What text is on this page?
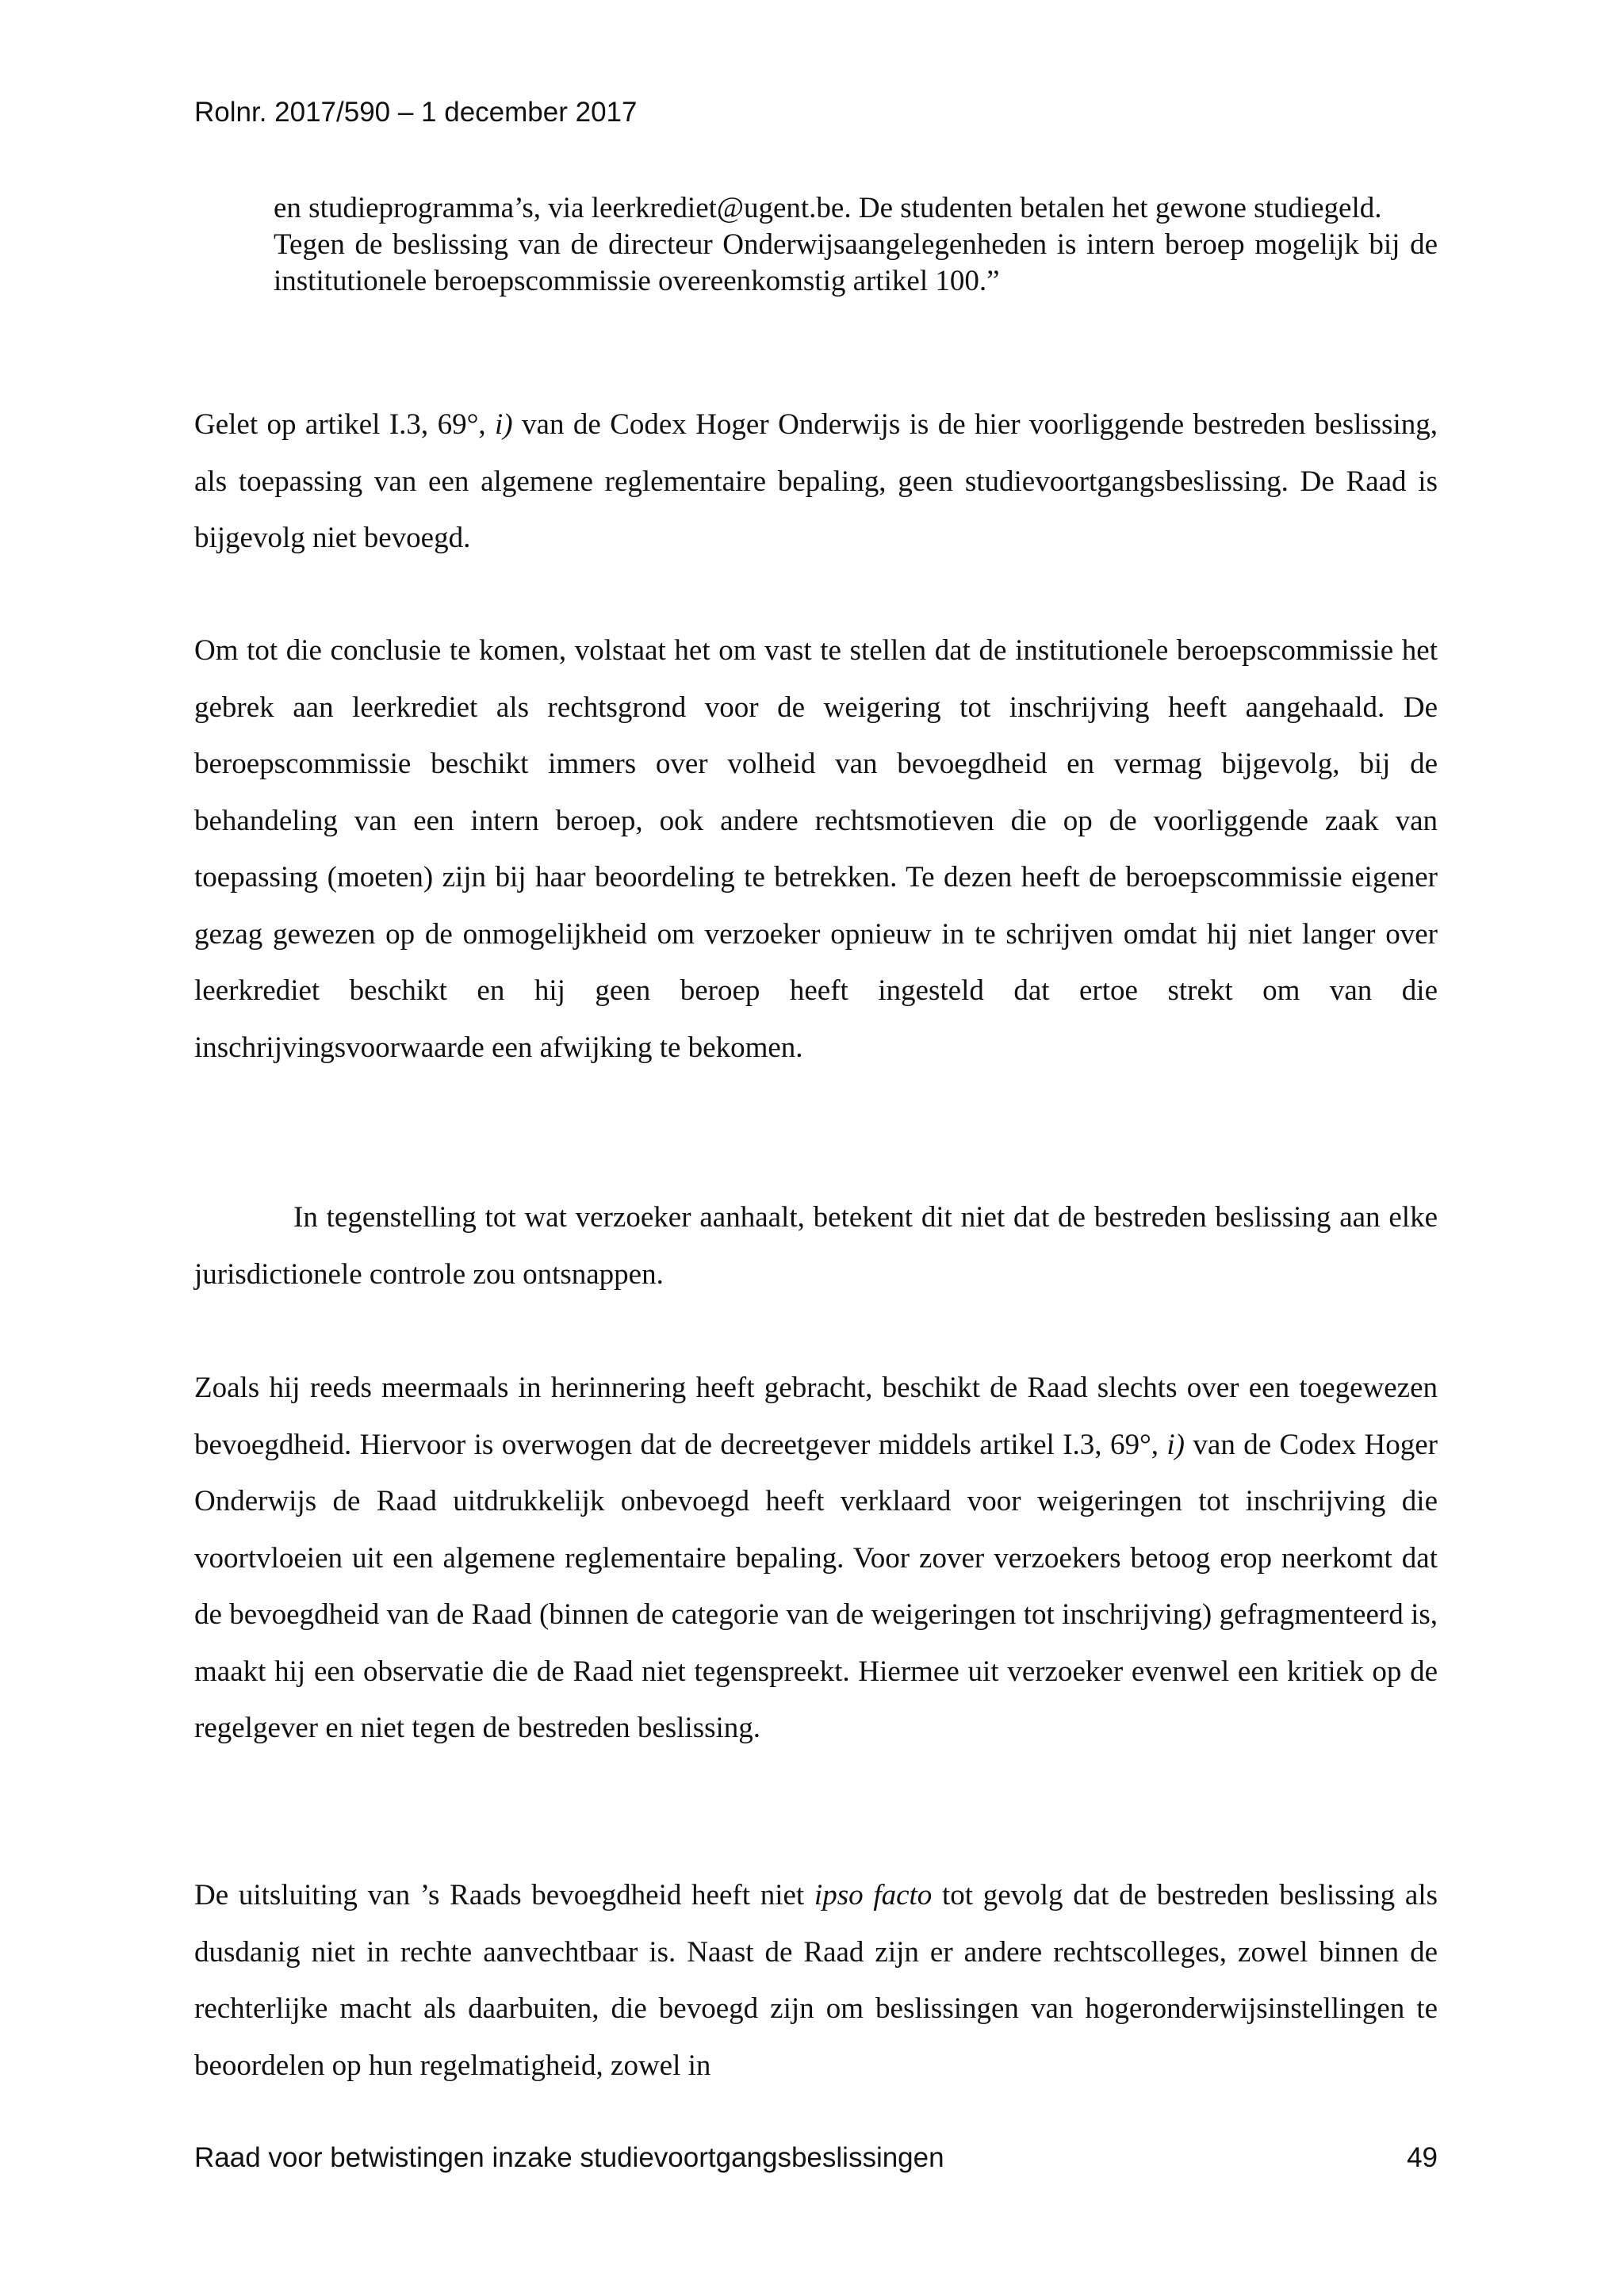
Rolnr. 2017/590 – 1 december 2017

en studieprogramma’s, via leerkrediet@ugent.be. De studenten betalen het gewone studiegeld.

Tegen de beslissing van de directeur Onderwijsaangelegenheden is intern beroep mogelijk bij de institutionele beroepscommissie overeenkomstig artikel 100.”

Gelet op artikel I.3, 69°, i) van de Codex Hoger Onderwijs is de hier voorliggende bestreden beslissing, als toepassing van een algemene reglementaire bepaling, geen studievoortgangsbeslissing. De Raad is bijgevolg niet bevoegd.

Om tot die conclusie te komen, volstaat het om vast te stellen dat de institutionele beroepscommissie het gebrek aan leerkrediet als rechtsgrond voor de weigering tot inschrijving heeft aangehaald. De beroepscommissie beschikt immers over volheid van bevoegdheid en vermag bijgevolg, bij de behandeling van een intern beroep, ook andere rechtsmotieven die op de voorliggende zaak van toepassing (moeten) zijn bij haar beoordeling te betrekken. Te dezen heeft de beroepscommissie eigener gezag gewezen op de onmogelijkheid om verzoeker opnieuw in te schrijven omdat hij niet langer over leerkrediet beschikt en hij geen beroep heeft ingesteld dat ertoe strekt om van die inschrijvingsvoorwaarde een afwijking te bekomen.

In tegenstelling tot wat verzoeker aanhaalt, betekent dit niet dat de bestreden beslissing aan elke jurisdictionele controle zou ontsnappen.

Zoals hij reeds meermaals in herinnering heeft gebracht, beschikt de Raad slechts over een toegewezen bevoegdheid. Hiervoor is overwogen dat de decreetgever middels artikel I.3, 69°, i) van de Codex Hoger Onderwijs de Raad uitdrukkelijk onbevoegd heeft verklaard voor weigeringen tot inschrijving die voortvloeien uit een algemene reglementaire bepaling. Voor zover verzoekers betoog erop neerkomt dat de bevoegdheid van de Raad (binnen de categorie van de weigeringen tot inschrijving) gefragmenteerd is, maakt hij een observatie die de Raad niet tegenspreekt. Hiermee uit verzoeker evenwel een kritiek op de regelgever en niet tegen de bestreden beslissing.

De uitsluiting van ’s Raads bevoegdheid heeft niet ipso facto tot gevolg dat de bestreden beslissing als dusdanig niet in rechte aanvechtbaar is. Naast de Raad zijn er andere rechtscolleges, zowel binnen de rechterlijke macht als daarbuiten, die bevoegd zijn om beslissingen van hogeronderwijsinstellingen te beoordelen op hun regelmatigheid, zowel in

Raad voor betwistingen inzake studievoortgangsbeslissingen	49
